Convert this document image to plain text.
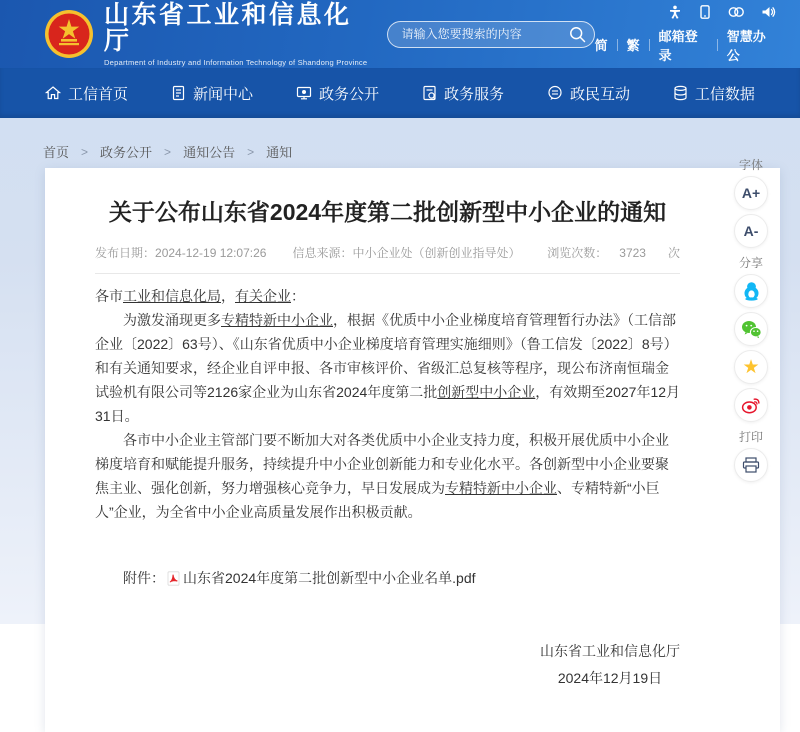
山东省工业和信息化厅
Department of Industry and Information Technology of Shandong Province
请输入您要搜索的内容
简 繁
邮箱登录
智慧办公
工信首页	新闻中心	政务公开	政务服务	政民互动	工信数据
首页 > 政务公开 > 通知公告 > 通知
关于公布山东省2024年度第二批创新型中小企业的通知
发布日期： 2024-12-19 12:07:26 信息来源： 中小企业处（创新创业指导处） 浏览次数： 3723 次

各市工业和信息化局，有关企业：

为激发涌现更多专精特新中小企业，根据《优质中小企业梯度培育管理暂行办法》（工信部企业〔2022〕63号）、《山东省优质中小企业梯度培育管理实施细则》（鲁工信发〔2022〕8号）和有关通知要求，经企业自评申报、各市审核评价、省级汇总复核等程序，现公布济南恒瑞金试验机有限公司等2126家企业为山东省2024年度第二批创新型中小企业，有效期至2027年12月31日。

各市中小企业主管部门要不断加大对各类优质中小企业支持力度，积极开展优质中小企业梯度培育和赋能提升服务，持续提升中小企业创新能力和专业化水平。各创新型中小企业要聚焦主业、强化创新，努力增强核心竞争力，早日发展成为专精特新中小企业、专精特新“小巨人”企业，为全省中小企业高质量发展作出积极贡献。

附件： 山东省2024年度第二批创新型中小企业名单.pdf
山东省工业和信息化厅
2024年12月19日
字体
A+
A-
分享
★
打印
